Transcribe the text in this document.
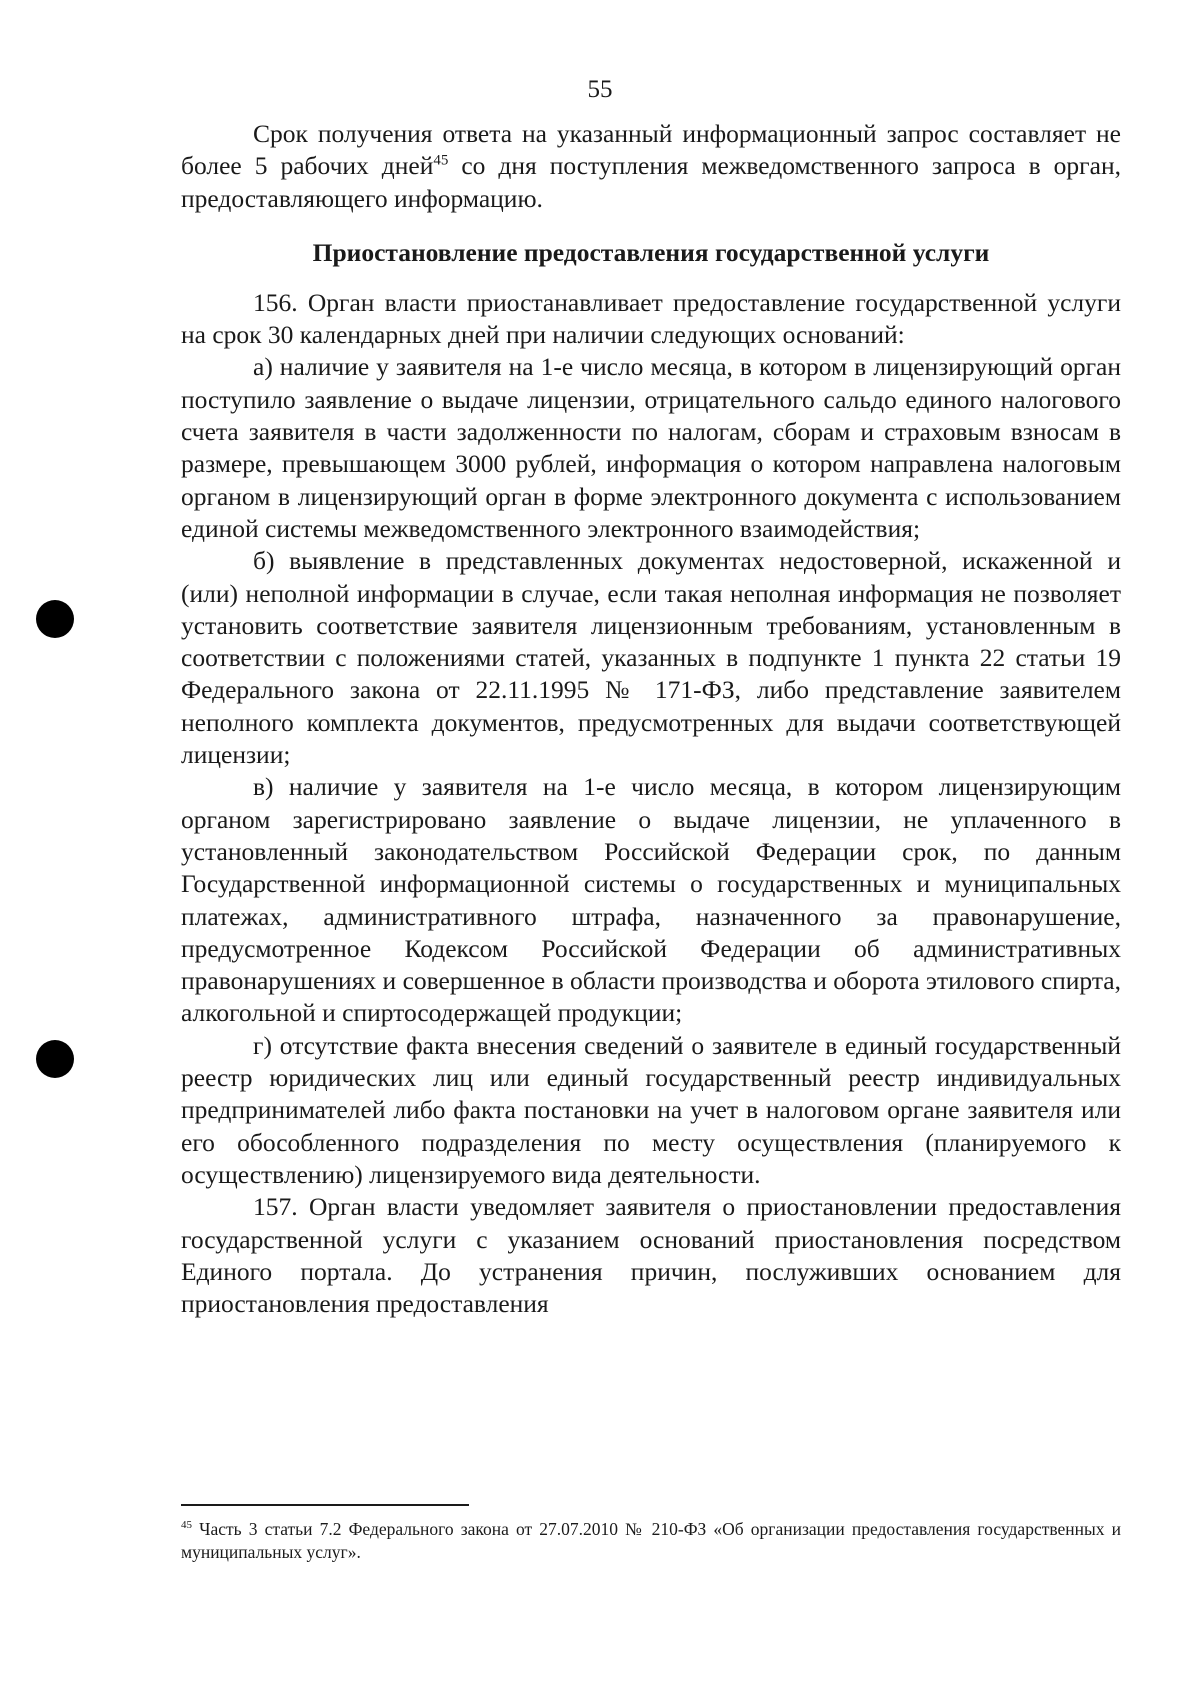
55

Срок получения ответа на указанный информационный запрос составляет не более 5 рабочих дней$^{45}$ со дня поступления межведомственного запроса в орган, предоставляющего информацию.

Приостановление предоставления государственной услуги

156. Орган власти приостанавливает предоставление государственной услуги на срок 30 календарных дней при наличии следующих оснований:

а) наличие у заявителя на 1-е число месяца, в котором в лицензирующий орган поступило заявление о выдаче лицензии, отрицательного сальдо единого налогового счета заявителя в части задолженности по налогам, сборам и страховым взносам в размере, превышающем 3000 рублей, информация о котором направлена налоговым органом в лицензирующий орган в форме электронного документа с использованием единой системы межведомственного электронного взаимодействия;

б) выявление в представленных документах недостоверной, искаженной и (или) неполной информации в случае, если такая неполная информация не позволяет установить соответствие заявителя лицензионным требованиям, установленным в соответствии с положениями статей, указанных в подпункте 1 пункта 22 статьи 19 Федерального закона от 22.11.1995 № 171-ФЗ, либо представление заявителем неполного комплекта документов, предусмотренных для выдачи соответствующей лицензии;

в) наличие у заявителя на 1-е число месяца, в котором лицензирующим органом зарегистрировано заявление о выдаче лицензии, не уплаченного в установленный законодательством Российской Федерации срок, по данным Государственной информационной системы о государственных и муниципальных платежах, административного штрафа, назначенного за правонарушение, предусмотренное Кодексом Российской Федерации об административных правонарушениях и совершенное в области производства и оборота этилового спирта, алкогольной и спиртосодержащей продукции;

г) отсутствие факта внесения сведений о заявителе в единый государственный реестр юридических лиц или единый государственный реестр индивидуальных предпринимателей либо факта постановки на учет в налоговом органе заявителя или его обособленного подразделения по месту осуществления (планируемого к осуществлению) лицензируемого вида деятельности.

157. Орган власти уведомляет заявителя о приостановлении предоставления государственной услуги с указанием оснований приостановления посредством Единого портала. До устранения причин, послуживших основанием для приостановления предоставления

$^{45}$ Часть 3 статьи 7.2 Федерального закона от 27.07.2010 № 210-ФЗ «Об организации предоставления государственных и муниципальных услуг».
